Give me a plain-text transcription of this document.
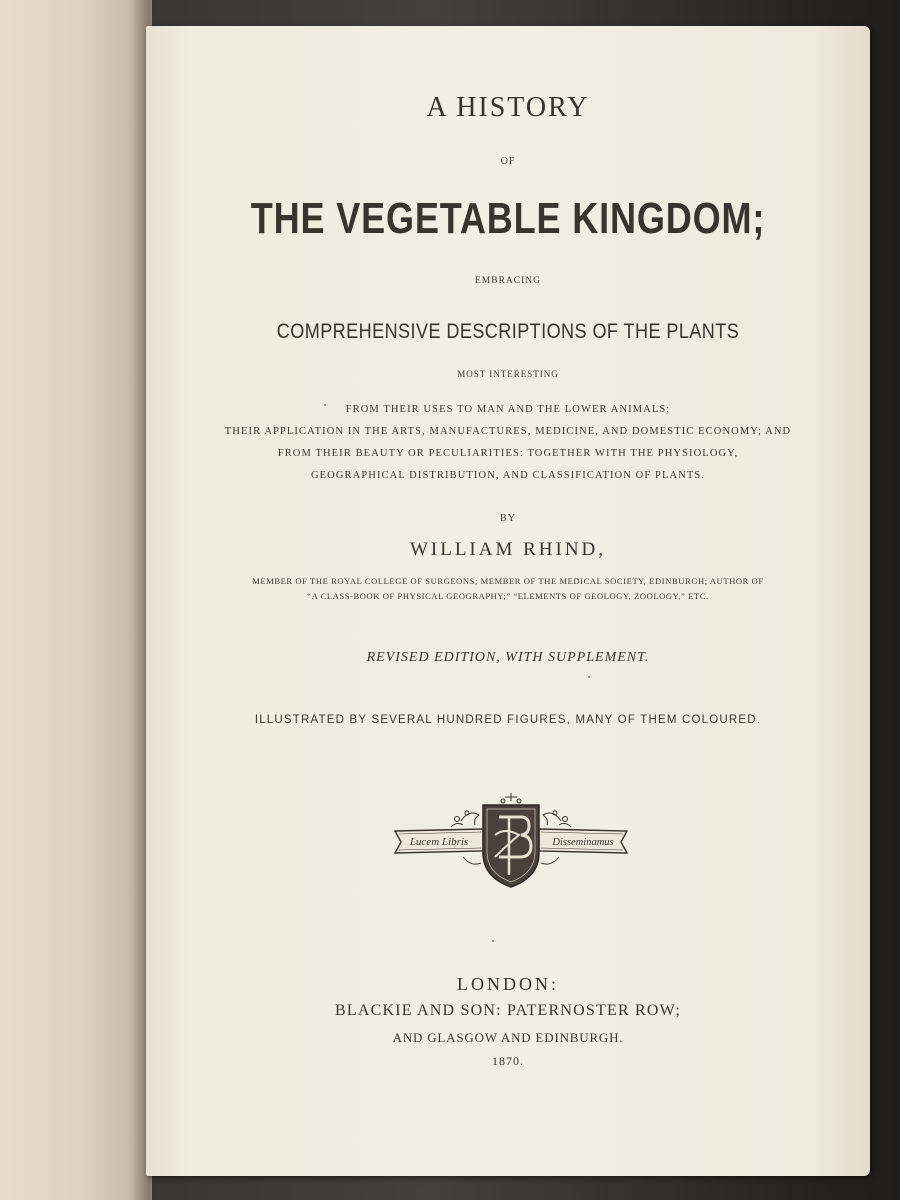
A HISTORY
OF
THE VEGETABLE KINGDOM;
EMBRACING
COMPREHENSIVE DESCRIPTIONS OF THE PLANTS
MOST INTERESTING
FROM THEIR USES TO MAN AND THE LOWER ANIMALS;
THEIR APPLICATION IN THE ARTS, MANUFACTURES, MEDICINE, AND DOMESTIC ECONOMY; AND
FROM THEIR BEAUTY OR PECULIARITIES: TOGETHER WITH THE PHYSIOLOGY,
GEOGRAPHICAL DISTRIBUTION, AND CLASSIFICATION OF PLANTS.
BY
WILLIAM RHIND,
MEMBER OF THE ROYAL COLLEGE OF SURGEONS; MEMBER OF THE MEDICAL SOCIETY, EDINBURGH; AUTHOR OF
“A CLASS-BOOK OF PHYSICAL GEOGRAPHY;” “ELEMENTS OF GEOLOGY, ZOOLOGY,” ETC.
REVISED EDITION, WITH SUPPLEMENT.
ILLUSTRATED BY SEVERAL HUNDRED FIGURES, MANY OF THEM COLOURED.
Lucem Libris	Disseminamus
LONDON:
BLACKIE AND SON: PATERNOSTER ROW;
AND GLASGOW AND EDINBURGH.
1870.
